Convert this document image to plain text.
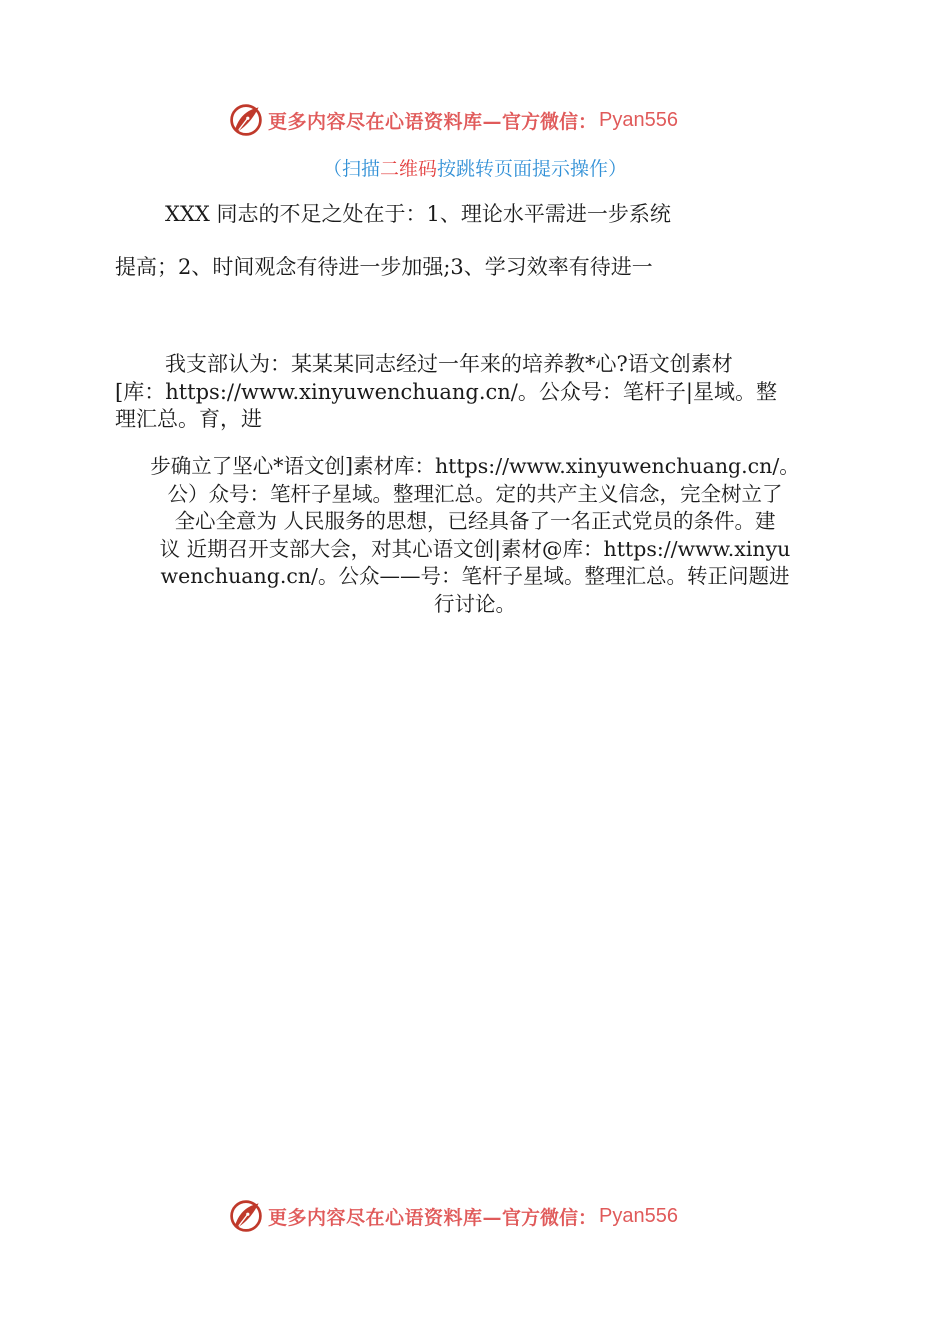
更多内容尽在心语资料库— 官方微信： Pyan556
（扫描二维码按跳转页面提示操作）
XXX 同志的不足之处在于：1、理论水平需进一步系统
提高；2、时间观念有待进一步加强;3、学习效率有待进一
我支部认为：某某某同志经过一年来的培养教*心?语文创素材
[库：https://www.xinyuwenchuang.cn/。公众号：笔杆子|星域。整
理汇总。育，进
步确立了坚心*语文创]素材库：https://www.xinyuwenchuang.cn/。
公）众号：笔杆子星域。整理汇总。定的共产主义信念，完全树立了
全心全意为 人民服务的思想，已经具备了一名正式党员的条件。建
议 近期召开支部大会，对其心语文创|素材@库：https://www.xinyu
wenchuang.cn/。公众——号：笔杆子星域。整理汇总。转正问题进
行讨论。
更多内容尽在心语资料库— 官方微信： Pyan556
